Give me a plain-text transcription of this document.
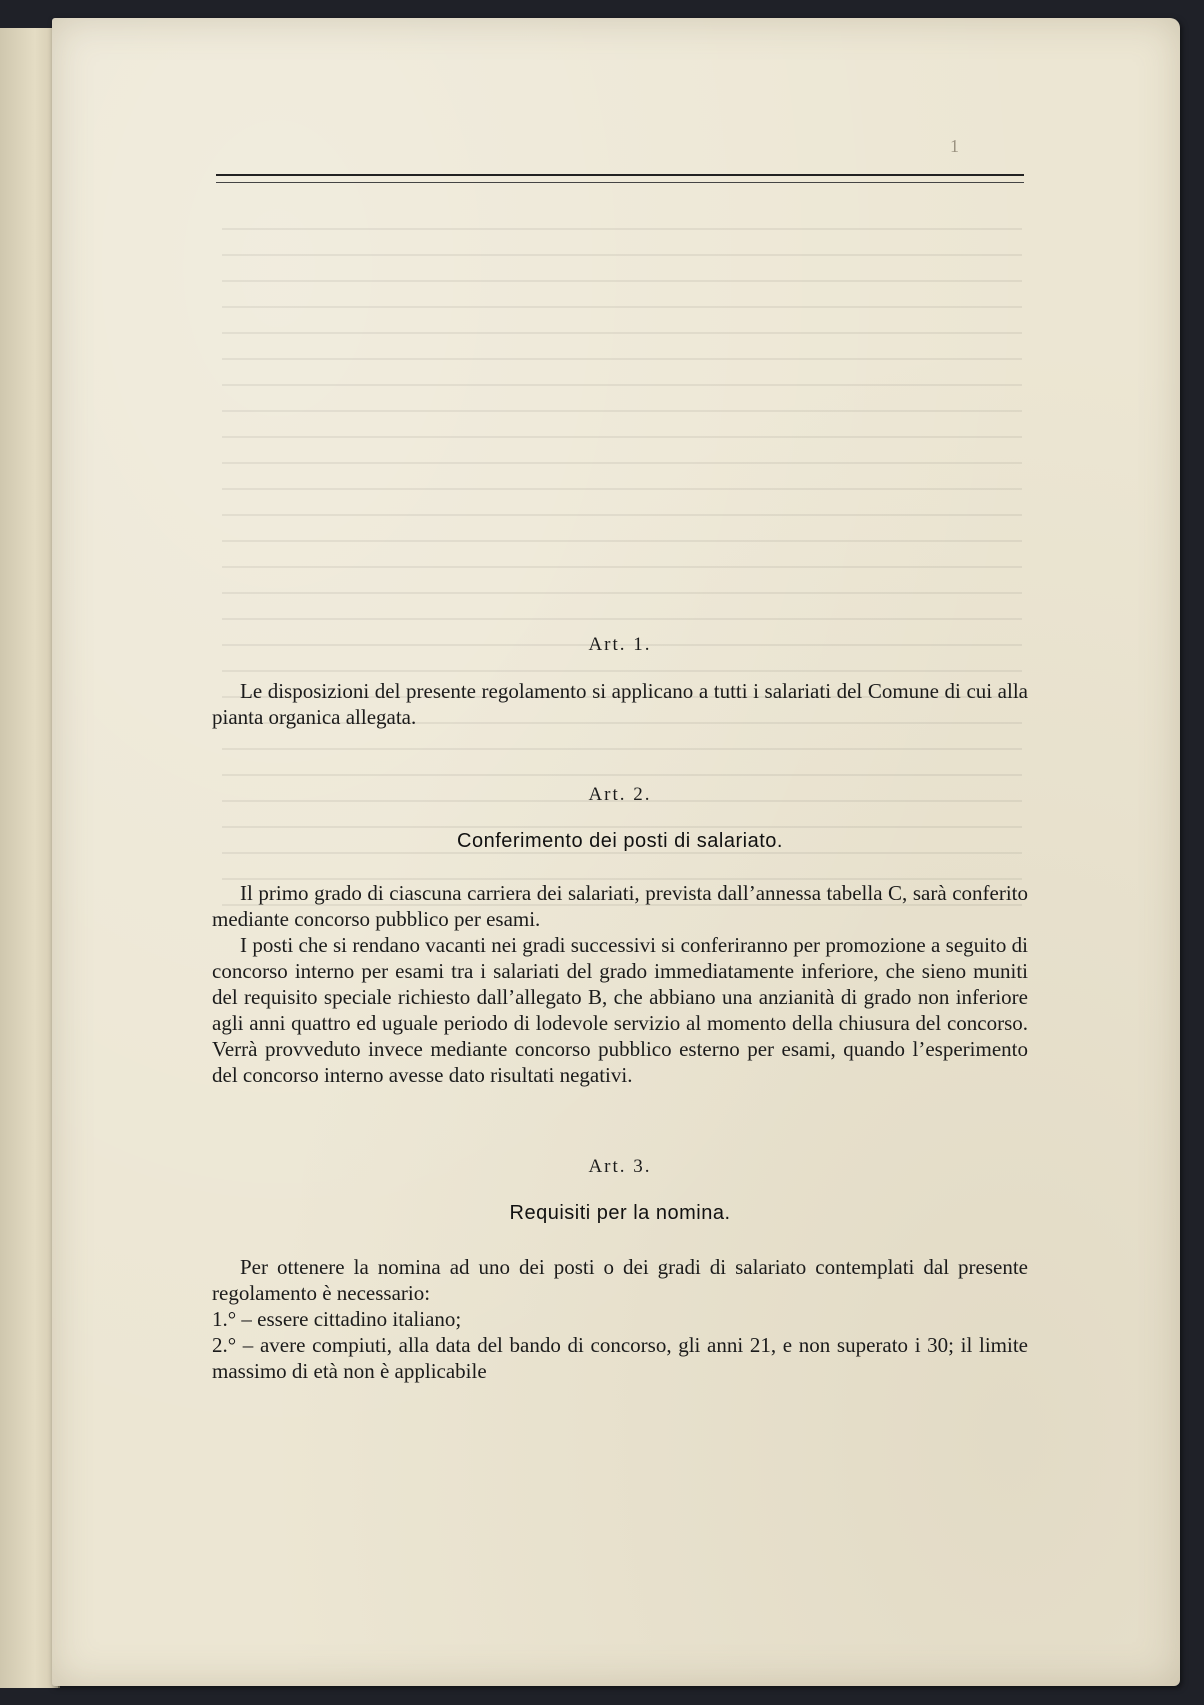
1
Art. 1.

Le disposizioni del presente regolamento si applicano a tutti i salariati del Comune di cui alla pianta organica allegata.

Art. 2.
Conferimento dei posti di salariato.

Il primo grado di ciascuna carriera dei salariati, prevista dall’annessa tabella C, sarà conferito mediante concorso pubblico per esami.

I posti che si rendano vacanti nei gradi successivi si conferiranno per promozione a seguito di concorso interno per esami tra i salariati del grado immediatamente inferiore, che sieno muniti del requisito speciale richiesto dall’allegato B, che abbiano una anzianità di grado non inferiore agli anni quattro ed uguale periodo di lodevole servizio al momento della chiusura del concorso. Verrà provveduto invece mediante concorso pubblico esterno per esami, quando l’esperimento del concorso interno avesse dato risultati negativi.

Art. 3.
Requisiti per la nomina.

Per ottenere la nomina ad uno dei posti o dei gradi di salariato contemplati dal presente regolamento è necessario:

1.° – essere cittadino italiano;

2.° – avere compiuti, alla data del bando di concorso, gli anni 21, e non superato i 30; il limite massimo di età non è applicabile
